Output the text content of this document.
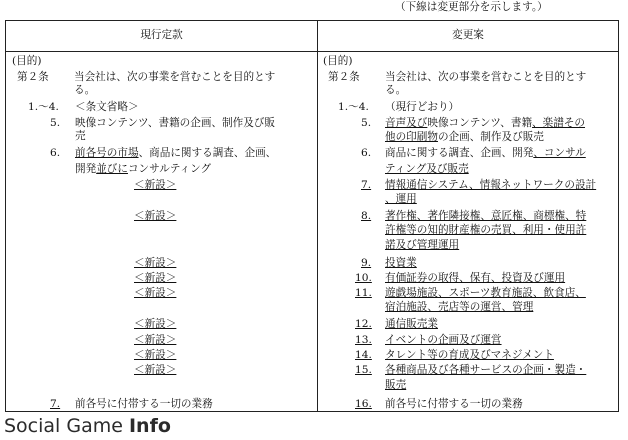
（下線は変更部分を示します。）
現行定款	変更案
(目的)
第２条 当会社は、次の事業を営むことを目的とす
る。
1.～4. ＜条文省略＞
5. 映像コンテンツ、書籍の企画、制作及び販
売
6. 前各号の市場、商品に関する調査、企画、
開発並びにコンサルティング
＜新設＞
＜新設＞
＜新設＞
＜新設＞
＜新設＞
＜新設＞
＜新設＞
＜新設＞
＜新設＞
7. 前各号に付帯する一切の業務
(目的)
第２条 当会社は、次の事業を営むことを目的とす
る。
1.～4. （現行どおり）
5. 音声及び映像コンテンツ、書籍、楽譜その
他の印刷物の企画、制作及び販売
6. 商品に関する調査、企画、開発、コンサル
ティング及び販売
7. 情報通信システム、情報ネットワークの設計
、運用
8. 著作権、著作隣接権、意匠権、商標権、特
許権等の知的財産権の売買、利用・使用許
諾及び管理運用
9. 投資業
10. 有価証券の取得、保有、投資及び運用
11. 遊戯場施設、スポーツ教育施設、飲食店、
宿泊施設、売店等の運営、管理
12. 通信販売業
13. イベントの企画及び運営
14. タレント等の育成及びマネジメント
15. 各種商品及び各種サービスの企画・製造・
販売
16. 前各号に付帯する一切の業務
Social Game Info
